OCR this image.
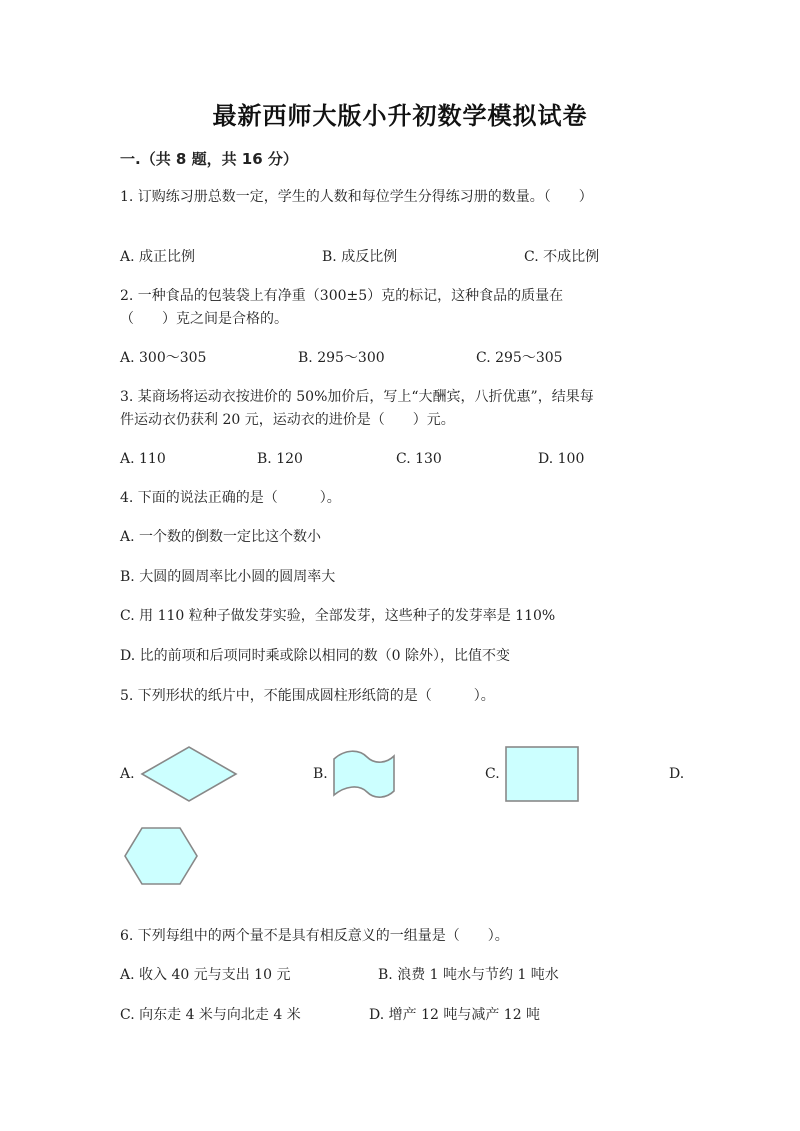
最新西师大版小升初数学模拟试卷
一.（共 8 题，共 16 分）
1. 订购练习册总数一定，学生的人数和每位学生分得练习册的数量。（　　）
A. 成正比例	B. 成反比例	C. 不成比例
2. 一种食品的包装袋上有净重（300±5）克的标记，这种食品的质量在
（　　）克之间是合格的。
A. 300～305	B. 295～300	C. 295～305
3. 某商场将运动衣按进价的 50%加价后，写上“大酬宾，八折优惠”，结果每
件运动衣仍获利 20 元，运动衣的进价是（　　）元。
A. 110	B. 120	C. 130	D. 100
4. 下面的说法正确的是（　　　）。
A. 一个数的倒数一定比这个数小
B. 大圆的圆周率比小圆的圆周率大
C. 用 110 粒种子做发芽实验，全部发芽，这些种子的发芽率是 110%
D. 比的前项和后项同时乘或除以相同的数（0 除外），比值不变
5. 下列形状的纸片中，不能围成圆柱形纸筒的是（　　　）。
A.	B.	C.	D.
6. 下列每组中的两个量不是具有相反意义的一组量是（　　）。
A. 收入 40 元与支出 10 元	B. 浪费 1 吨水与节约 1 吨水
C. 向东走 4 米与向北走 4 米	D. 增产 12 吨与减产 12 吨
